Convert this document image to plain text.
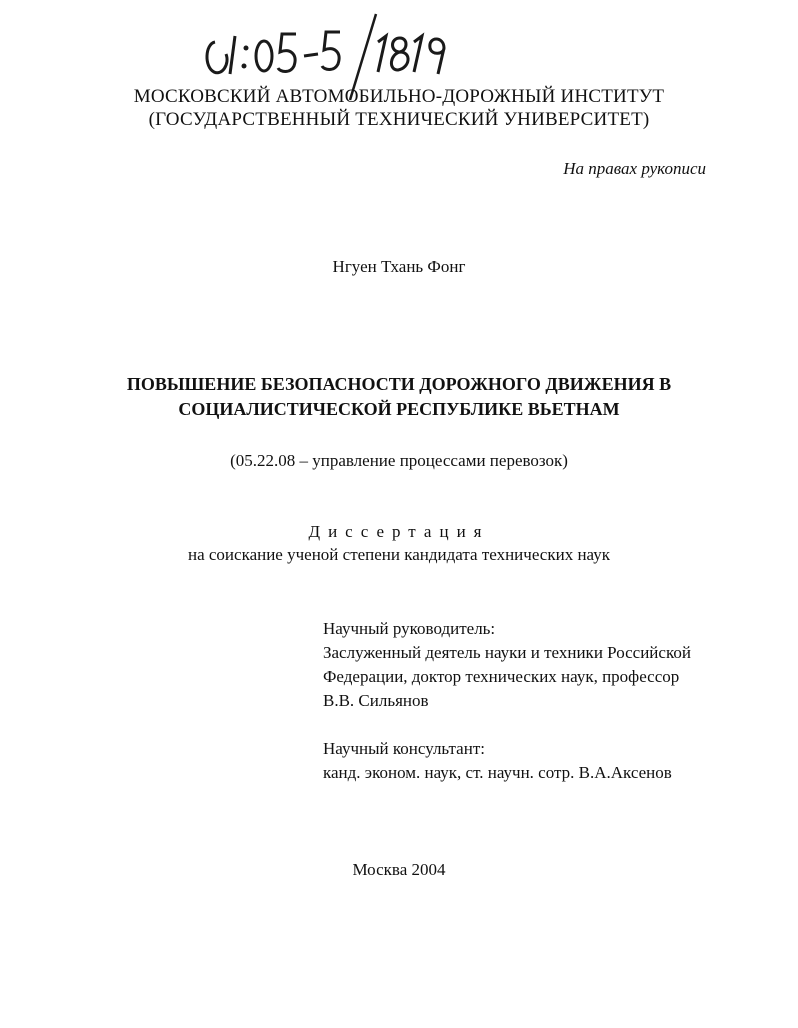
МОСКОВСКИЙ АВТОМОБИЛЬНО-ДОРОЖНЫЙ ИНСТИТУТ
(ГОСУДАРСТВЕННЫЙ ТЕХНИЧЕСКИЙ УНИВЕРСИТЕТ)
На правах рукописи
Нгуен Тхань Фонг
ПОВЫШЕНИЕ БЕЗОПАСНОСТИ ДОРОЖНОГО ДВИЖЕНИЯ В
СОЦИАЛИСТИЧЕСКОЙ РЕСПУБЛИКЕ ВЬЕТНАМ
(05.22.08 – управление процессами перевозок)
Диссертация
на соискание ученой степени кандидата технических наук
Научный руководитель:
Заслуженный деятель науки и техники Российской
Федерации, доктор технических наук, профессор
В.В. Сильянов
Научный консультант:
канд. эконом. наук, ст. научн. сотр. В.А.Аксенов
Москва 2004
